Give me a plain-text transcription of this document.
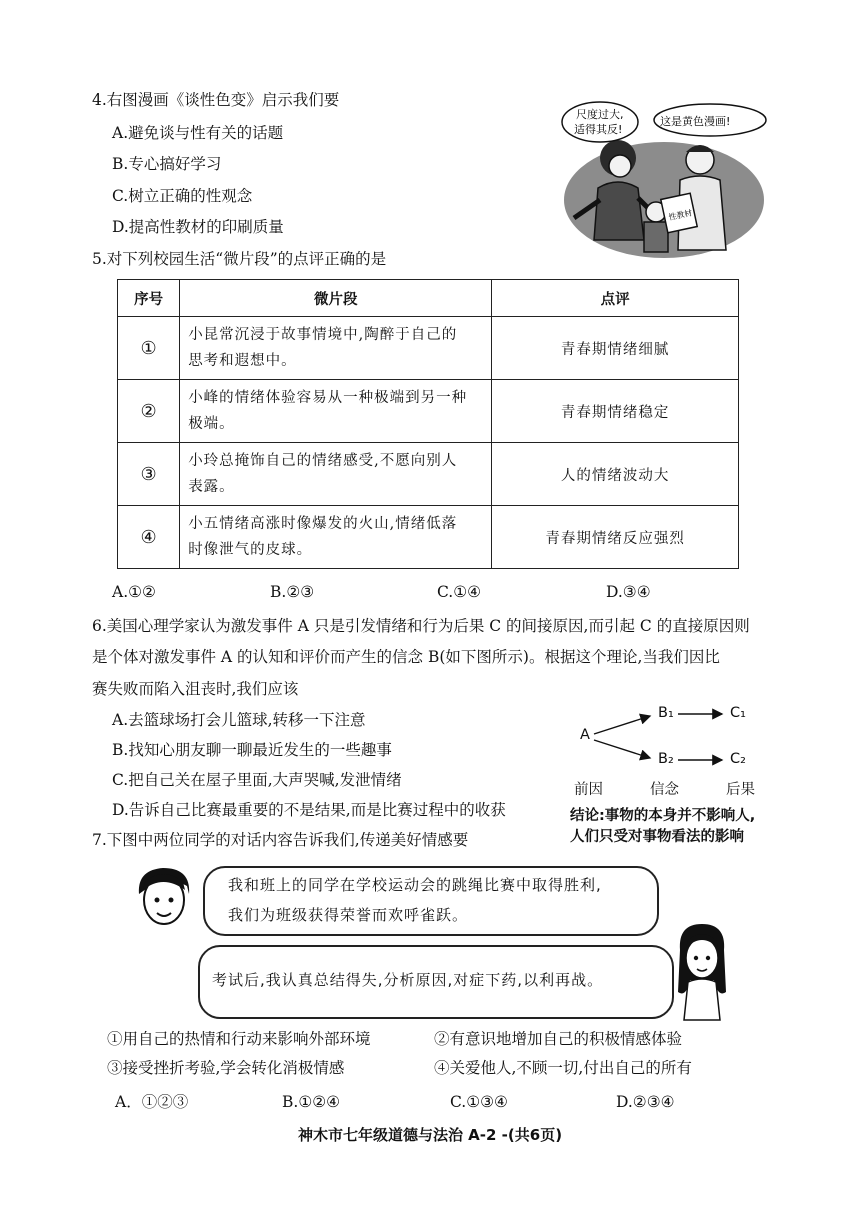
4.右图漫画《谈性色变》启示我们要
A.避免谈与性有关的话题
B.专心搞好学习
C.树立正确的性观念
D.提高性教材的印刷质量
性教材
尺度过大,
适得其反!
这是黄色漫画!
5.对下列校园生活“微片段”的点评正确的是
序号	微片段	点评
①	小昆常沉浸于故事情境中,陶醉于自己的
思考和遐想中。	青春期情绪细腻
②	小峰的情绪体验容易从一种极端到另一种
极端。	青春期情绪稳定
③	小玲总掩饰自己的情绪感受,不愿向别人
表露。	人的情绪波动大
④	小五情绪高涨时像爆发的火山,情绪低落
时像泄气的皮球。	青春期情绪反应强烈
A.①②	B.②③	C.①④	D.③④
6.美国心理学家认为激发事件 A 只是引发情绪和行为后果 C 的间接原因,而引起 C 的直接原因则
是个体对激发事件 A 的认知和评价而产生的信念 B(如下图所示)。根据这个理论,当我们因比
赛失败而陷入沮丧时,我们应该
A.去篮球场打会儿篮球,转移一下注意
B.找知心朋友聊一聊最近发生的一些趣事
C.把自己关在屋子里面,大声哭喊,发泄情绪
D.告诉自己比赛最重要的不是结果,而是比赛过程中的收获
A
B₁	C₁
B₂	C₂
前因	信念	后果
结论:事物的本身并不影响人,
人们只受对事物看法的影响
7.下图中两位同学的对话内容告诉我们,传递美好情感要
我和班上的同学在学校运动会的跳绳比赛中取得胜利,
我们为班级获得荣誉而欢呼雀跃。
考试后,我认真总结得失,分析原因,对症下药,以利再战。
①用自己的热情和行动来影响外部环境	②有意识地增加自己的积极情感体验
③接受挫折考验,学会转化消极情感	④关爱他人,不顾一切,付出自己的所有
A．①②③	B.①②④	C.①③④	D.②③④
神木市七年级道德与法治 A-2 -(共6页)
